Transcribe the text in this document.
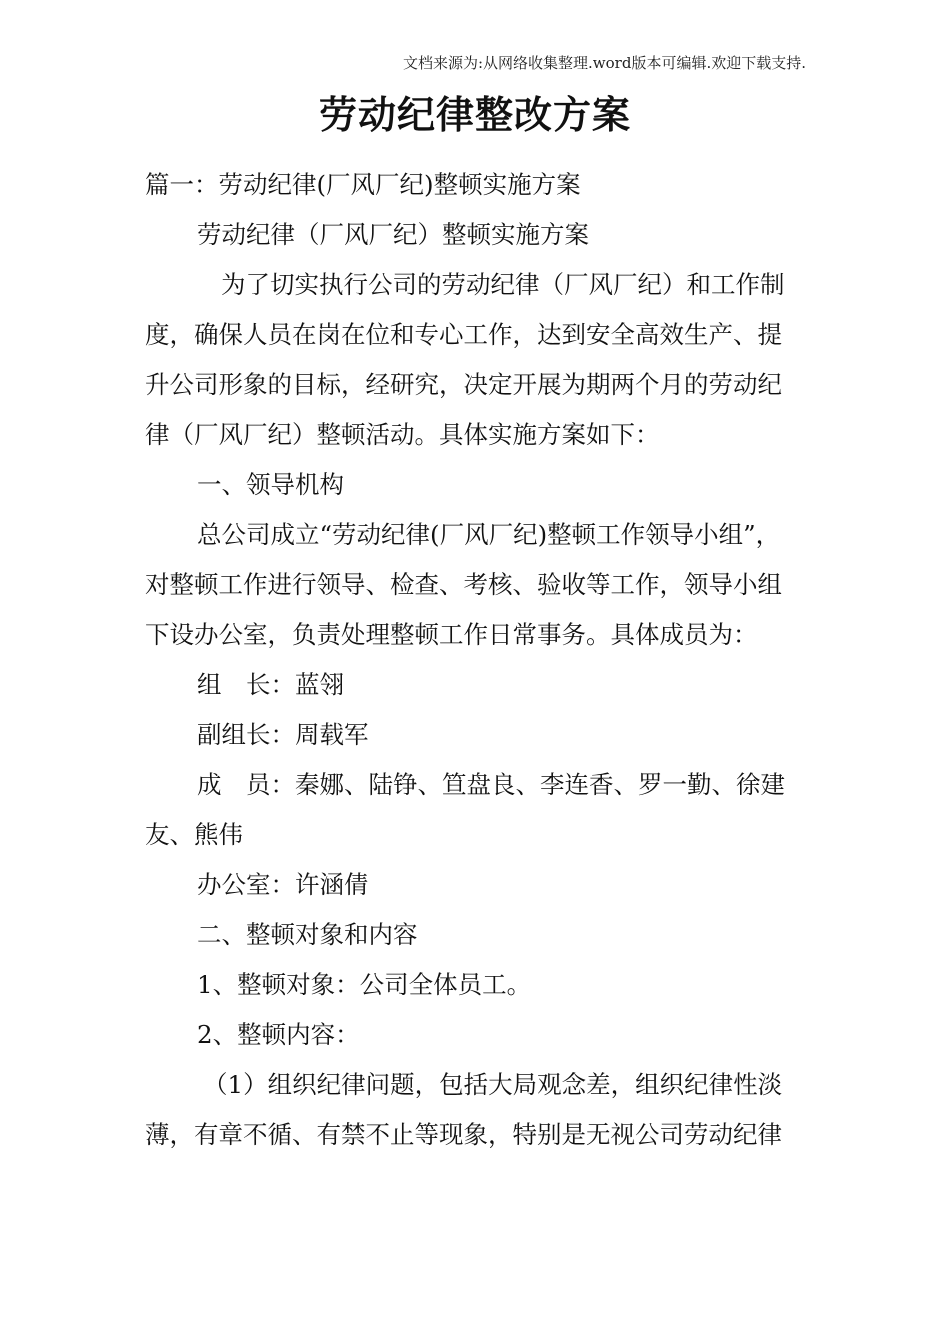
文档来源为:从网络收集整理.word版本可编辑.欢迎下载支持.
劳动纪律整改方案
篇一：劳动纪律(厂风厂纪)整顿实施方案
劳动纪律（厂风厂纪）整顿实施方案
为了切实执行公司的劳动纪律（厂风厂纪）和工作制
度，确保人员在岗在位和专心工作，达到安全高效生产、提
升公司形象的目标，经研究，决定开展为期两个月的劳动纪
律（厂风厂纪）整顿活动。具体实施方案如下：
一、领导机构
总公司成立“劳动纪律(厂风厂纪)整顿工作领导小组”，
对整顿工作进行领导、检查、考核、验收等工作，领导小组
下设办公室，负责处理整顿工作日常事务。具体成员为：
组　长：蓝翎
副组长：周载军
成　员：秦娜、陆铮、笪盘良、李连香、罗一勤、徐建
友、熊伟
办公室：许涵倩
二、整顿对象和内容
1、整顿对象：公司全体员工。
2、整顿内容：
（1）组织纪律问题，包括大局观念差，组织纪律性淡
薄，有章不循、有禁不止等现象，特别是无视公司劳动纪律
